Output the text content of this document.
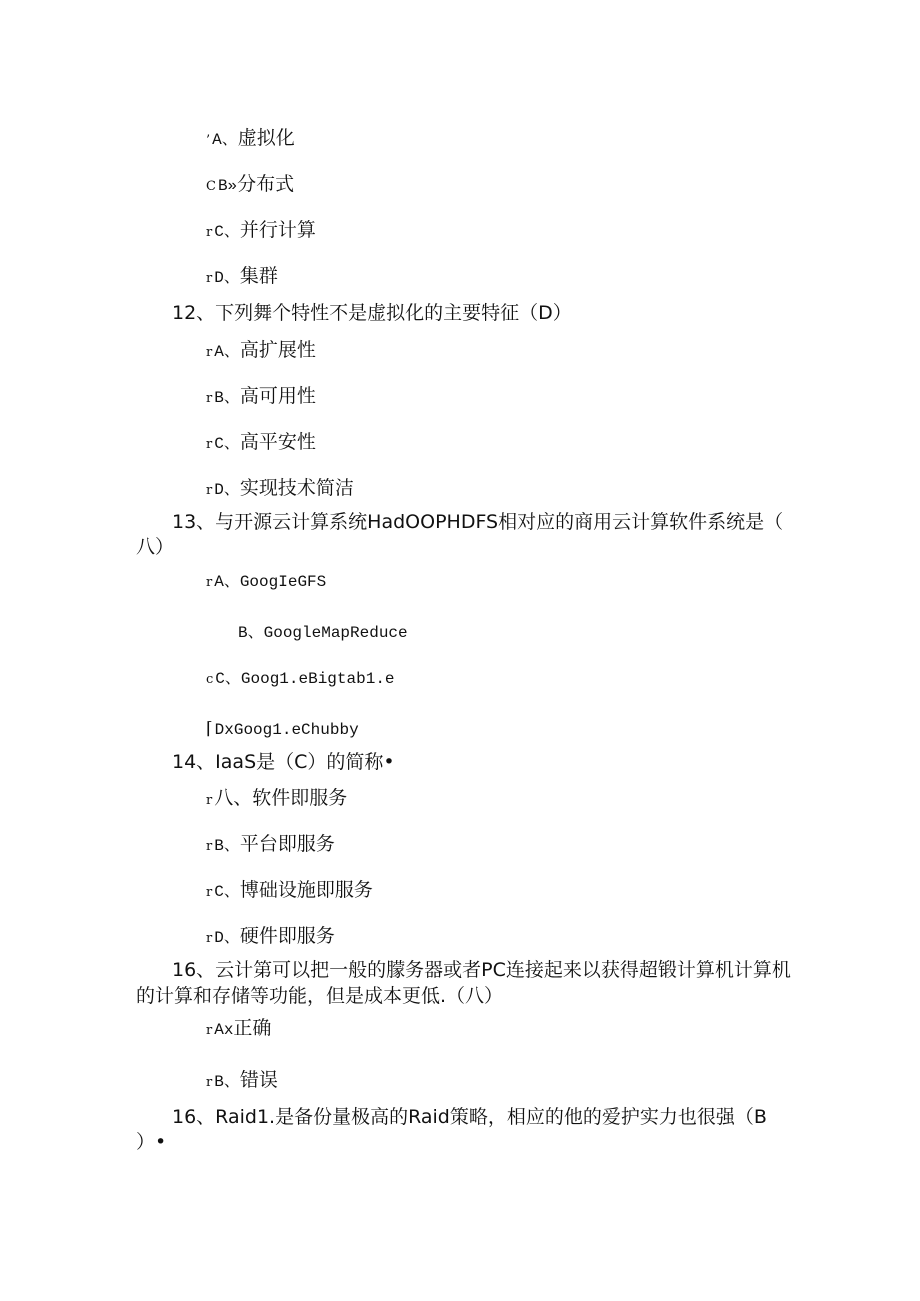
’ A、虚拟化
C B»分布式
r C、并行计算
r D、集群
12、下列舞个特性不是虚拟化的主要特征（D）
r A、高扩展性
r B、高可用性
r C、高平安性
r D、实现技术简洁
13、与开源云计算系统HadOOPHDFS相对应的商用云计算软件系统是（
八）
r A、GoogIeGFS
B、GoogleMapReduce
c C、Goog1.eBigtab1.e
⌈ DxGoog1.eChubby
14、IaaS是（C）的简称•
r 八、软件即服务
r B、平台即服务
r C、博础设施即服务
r D、硬件即服务
16、云计第可以把一般的朦务器或者PC连接起来以获得超锻计算机计算机
的计算和存储等功能，但是成本更低.（八）
r Ax正确
r B、错误
16、Raid1.是备份量极高的Raid策略，相应的他的爱护实力也很强（B
）•
